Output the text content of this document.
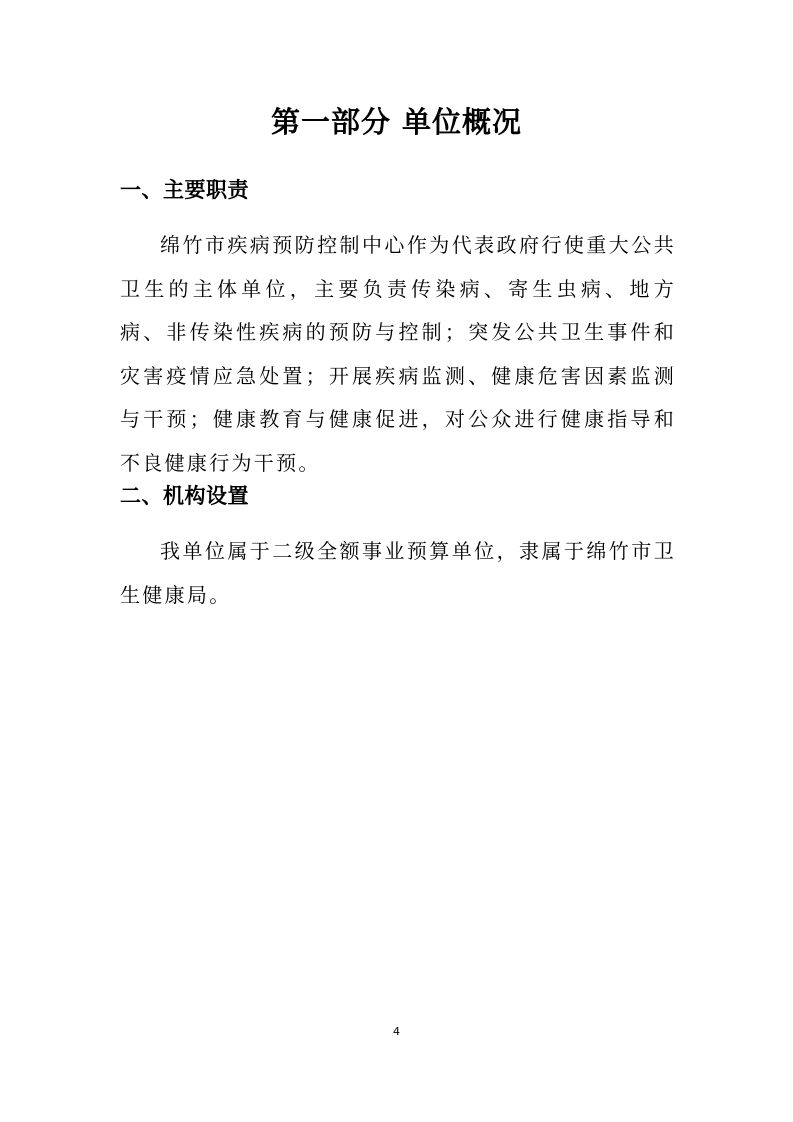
第一部分 单位概况
一、主要职责

绵竹市疾病预防控制中心作为代表政府行使重大公共卫生的主体单位，主要负责传染病、寄生虫病、地方病、非传染性疾病的预防与控制；突发公共卫生事件和灾害疫情应急处置；开展疾病监测、健康危害因素监测与干预；健康教育与健康促进，对公众进行健康指导和不良健康行为干预。

二、机构设置

我单位属于二级全额事业预算单位，隶属于绵竹市卫生健康局。

4
